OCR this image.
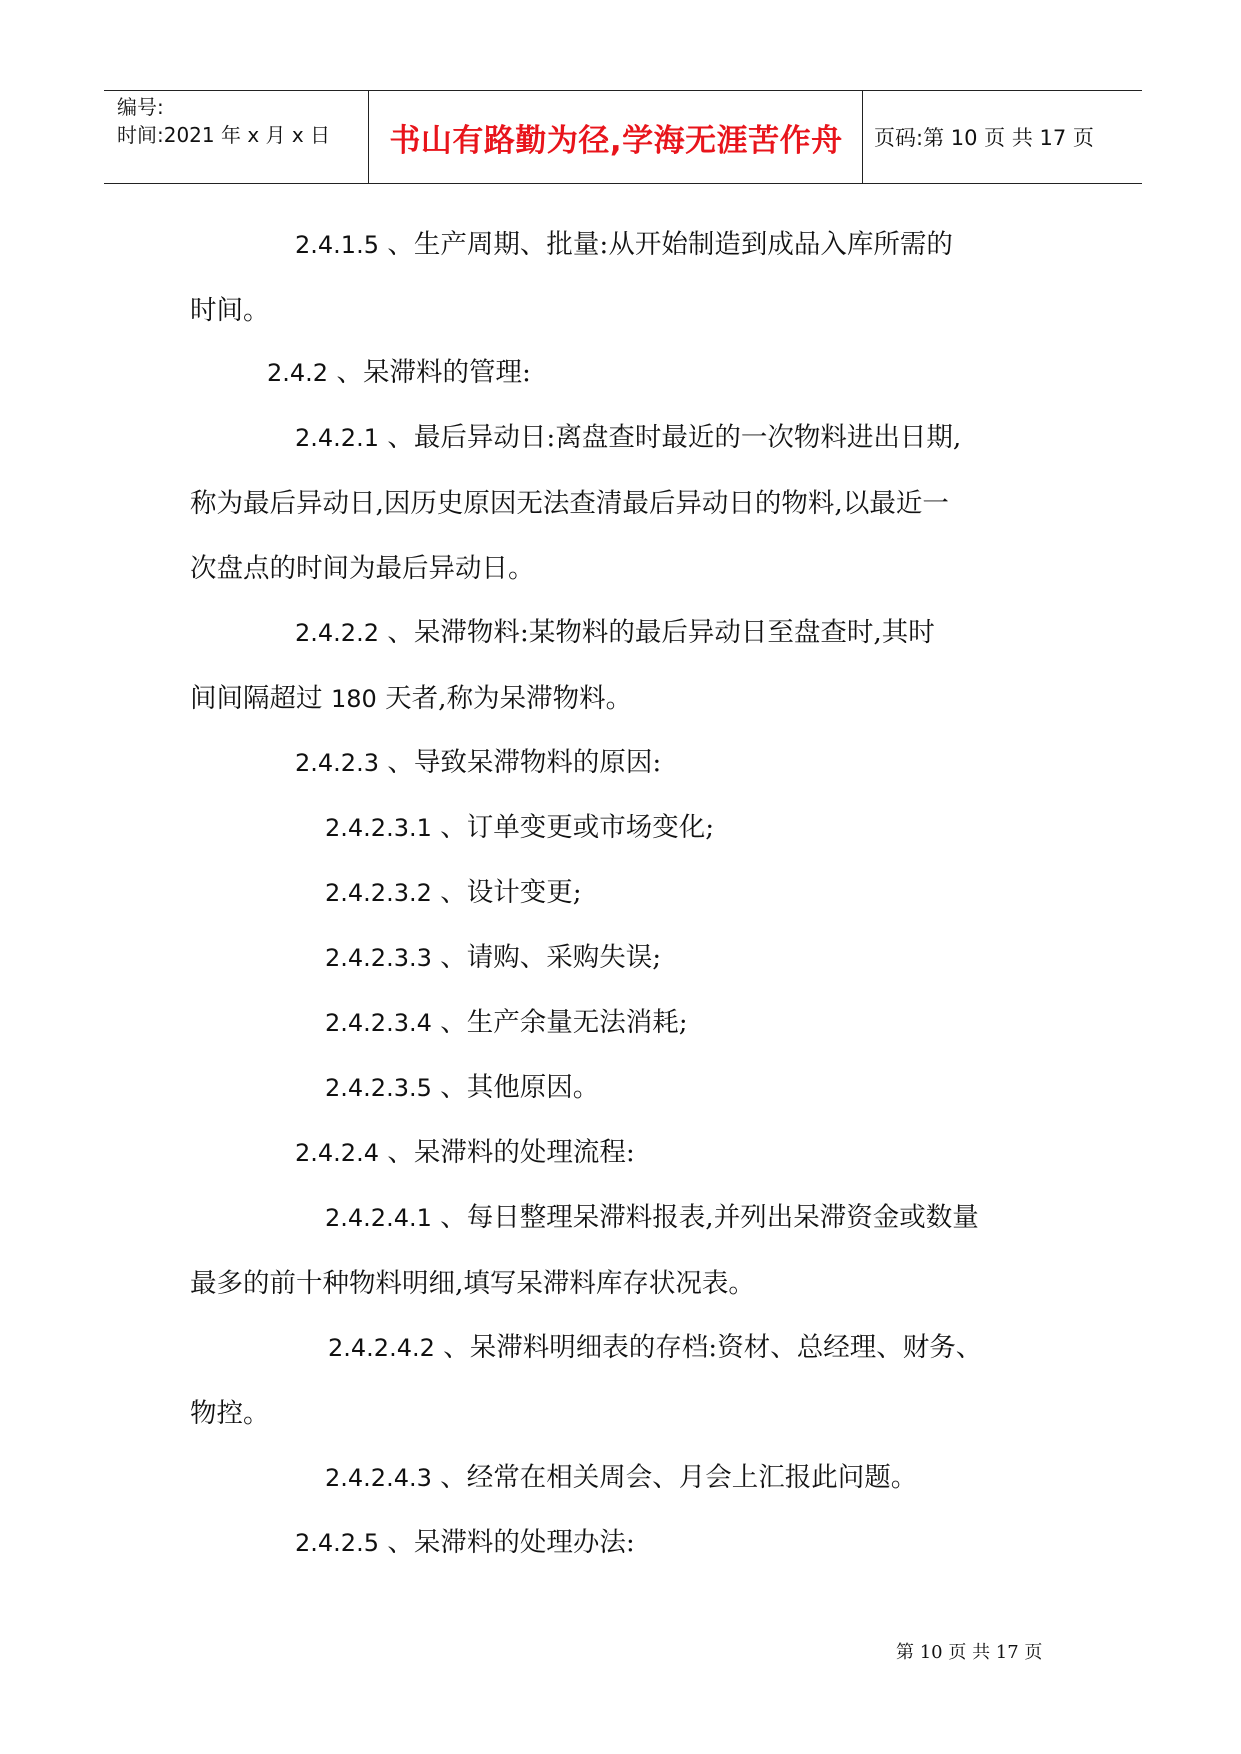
编号:
时间:2021 年 x 月 x 日	书山有路勤为径,学海无涯苦作舟	页码:第 10 页 共 17 页
2.4.1.5 、生产周期、批量:从开始制造到成品入库所需的
时间。
2.4.2 、呆滞料的管理:
2.4.2.1 、最后异动日:离盘查时最近的一次物料进出日期,
称为最后异动日,因历史原因无法查清最后异动日的物料,以最近一
次盘点的时间为最后异动日。
2.4.2.2 、呆滞物料:某物料的最后异动日至盘查时,其时
间间隔超过 180 天者,称为呆滞物料。
2.4.2.3 、导致呆滞物料的原因:
2.4.2.3.1 、订单变更或市场变化;
2.4.2.3.2 、设计变更;
2.4.2.3.3 、请购、采购失误;
2.4.2.3.4 、生产余量无法消耗;
2.4.2.3.5 、其他原因。
2.4.2.4 、呆滞料的处理流程:
2.4.2.4.1 、每日整理呆滞料报表,并列出呆滞资金或数量
最多的前十种物料明细,填写呆滞料库存状况表。
2.4.2.4.2 、呆滞料明细表的存档:资材、总经理、财务、
物控。
2.4.2.4.3 、经常在相关周会、月会上汇报此问题。
2.4.2.5 、呆滞料的处理办法:
第 10 页 共 17 页
